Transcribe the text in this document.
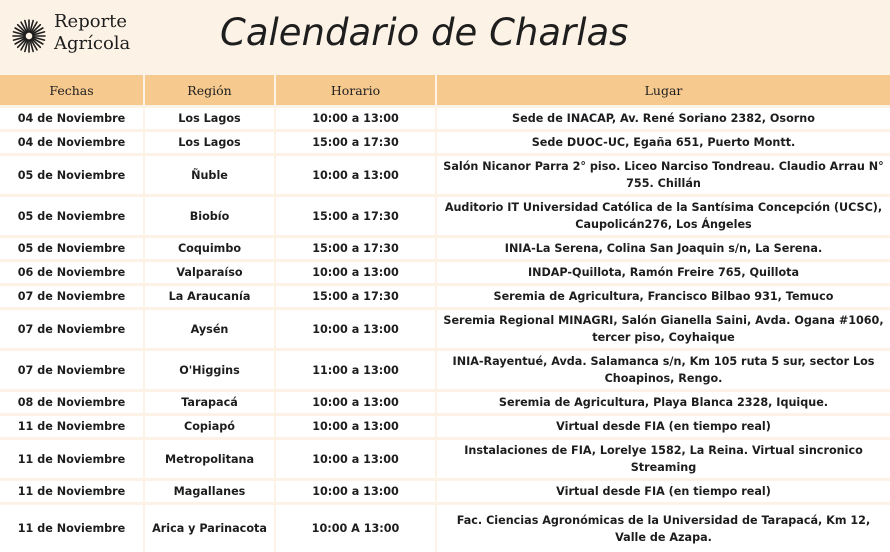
Reporte
Agrícola Calendario de Charlas
Fechas	Región	Horario	Lugar
04 de Noviembre	Los Lagos	10:00 a 13:00	Sede de INACAP, Av. René Soriano 2382, Osorno
04 de Noviembre	Los Lagos	15:00 a 17:30	Sede DUOC-UC, Egaña 651, Puerto Montt.
05 de Noviembre	Ñuble	10:00 a 13:00	Salón Nicanor Parra 2° piso. Liceo Narciso Tondreau. Claudio Arrau N° 755. Chillán
05 de Noviembre	Biobío	15:00 a 17:30	Auditorio IT Universidad Católica de la Santísima Concepción (UCSC), Caupolicán276, Los Ángeles
05 de Noviembre	Coquimbo	15:00 a 17:30	INIA-La Serena, Colina San Joaquin s/n, La Serena.
06 de Noviembre	Valparaíso	10:00 a 13:00	INDAP-Quillota, Ramón Freire 765, Quillota
07 de Noviembre	La Araucanía	15:00 a 17:30	Seremia de Agricultura, Francisco Bilbao 931, Temuco
07 de Noviembre	Aysén	10:00 a 13:00	Seremia Regional MINAGRI, Salón Gianella Saini, Avda. Ogana #1060, tercer piso, Coyhaique
07 de Noviembre	O'Higgins	11:00 a 13:00	INIA-Rayentué, Avda. Salamanca s/n, Km 105 ruta 5 sur, sector Los Choapinos, Rengo.
08 de Noviembre	Tarapacá	10:00 a 13:00	Seremia de Agricultura, Playa Blanca 2328, Iquique.
11 de Noviembre	Copiapó	10:00 a 13:00	Virtual desde FIA (en tiempo real)
11 de Noviembre	Metropolitana	10:00 a 13:00	Instalaciones de FIA, Lorelye 1582, La Reina. Virtual sincronico Streaming
11 de Noviembre	Magallanes	10:00 a 13:00	Virtual desde FIA (en tiempo real)
11 de Noviembre	Arica y Parinacota	10:00 A 13:00	Fac. Ciencias Agronómicas de la Universidad de Tarapacá, Km 12, Valle de Azapa.
